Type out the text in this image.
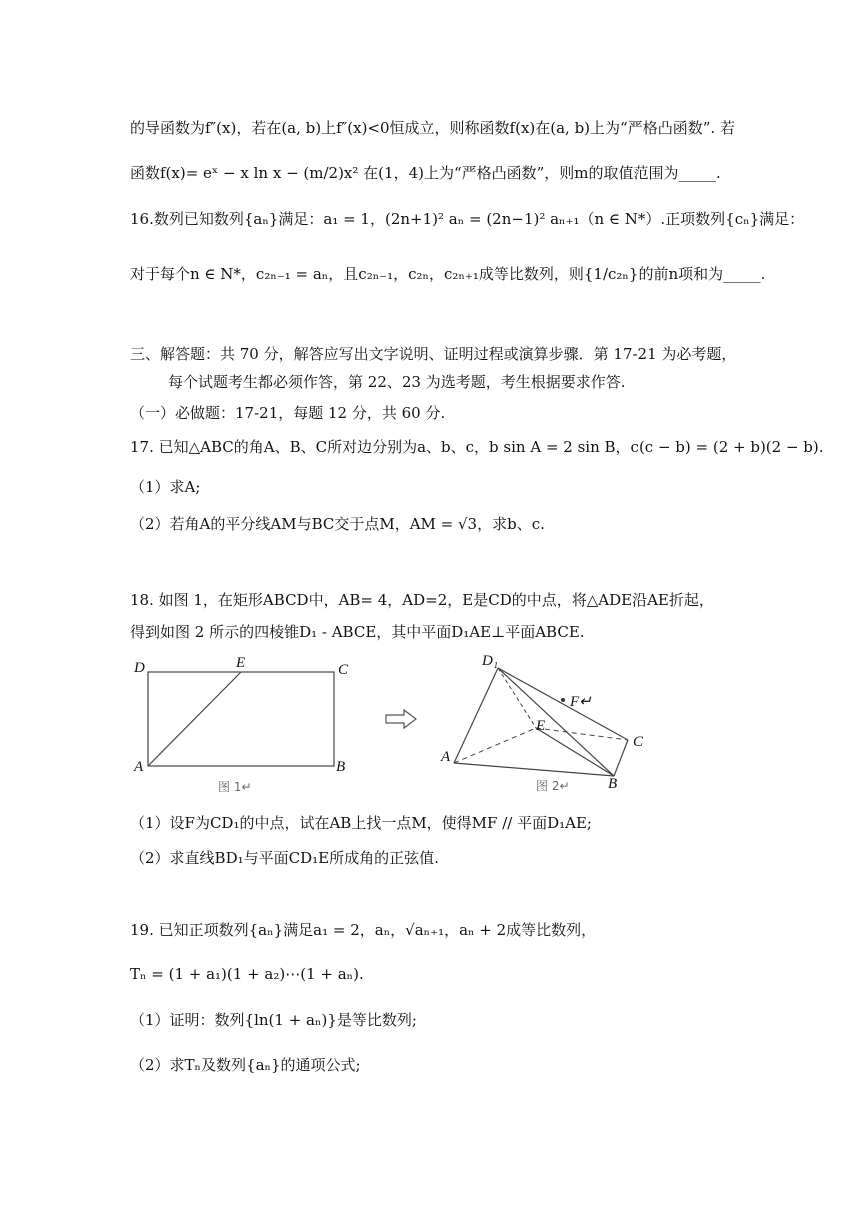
的导函数为f″(x)，若在(a, b)上f″(x)<0恒成立，则称函数f(x)在(a, b)上为“严格凸函数”. 若
函数f(x)= eˣ − x ln x − (m/2)x² 在(1，4)上为“严格凸函数”，则m的取值范围为_____.
16.数列已知数列{aₙ}满足：a₁ = 1，(2n+1)² aₙ = (2n−1)² aₙ₊₁（n ∈ N*）.正项数列{cₙ}满足：
对于每个n ∈ N*，c₂ₙ₋₁ = aₙ，且c₂ₙ₋₁，c₂ₙ，c₂ₙ₊₁成等比数列，则{1/c₂ₙ}的前n项和为_____.
三、解答题：共 70 分，解答应写出文字说明、证明过程或演算步骤．第 17-21 为必考题，
每个试题考生都必须作答，第 22、23 为选考题，考生根据要求作答.
（一）必做题：17-21，每题 12 分，共 60 分.
17. 已知△ABC的角A、B、C所对边分别为a、b、c，b sin A = 2 sin B，c(c − b) = (2 + b)(2 − b).
（1）求A;
（2）若角A的平分线AM与BC交于点M，AM = √3，求b、c.
18. 如图 1，在矩形ABCD中，AB= 4，AD=2，E是CD的中点，将△ADE沿AE折起，
得到如图 2 所示的四棱锥D₁ - ABCE，其中平面D₁AE⊥平面ABCE.
D	E	C
A	B
图 1↵
D₁
F↵
E
C
A
B
图 2↵
（1）设F为CD₁的中点，试在AB上找一点M，使得MF // 平面D₁AE;
（2）求直线BD₁与平面CD₁E所成角的正弦值.
19. 已知正项数列{aₙ}满足a₁ = 2，aₙ，√aₙ₊₁，aₙ + 2成等比数列，
Tₙ = (1 + a₁)(1 + a₂)⋯(1 + aₙ).
（1）证明：数列{ln(1 + aₙ)}是等比数列;
（2）求Tₙ及数列{aₙ}的通项公式;
